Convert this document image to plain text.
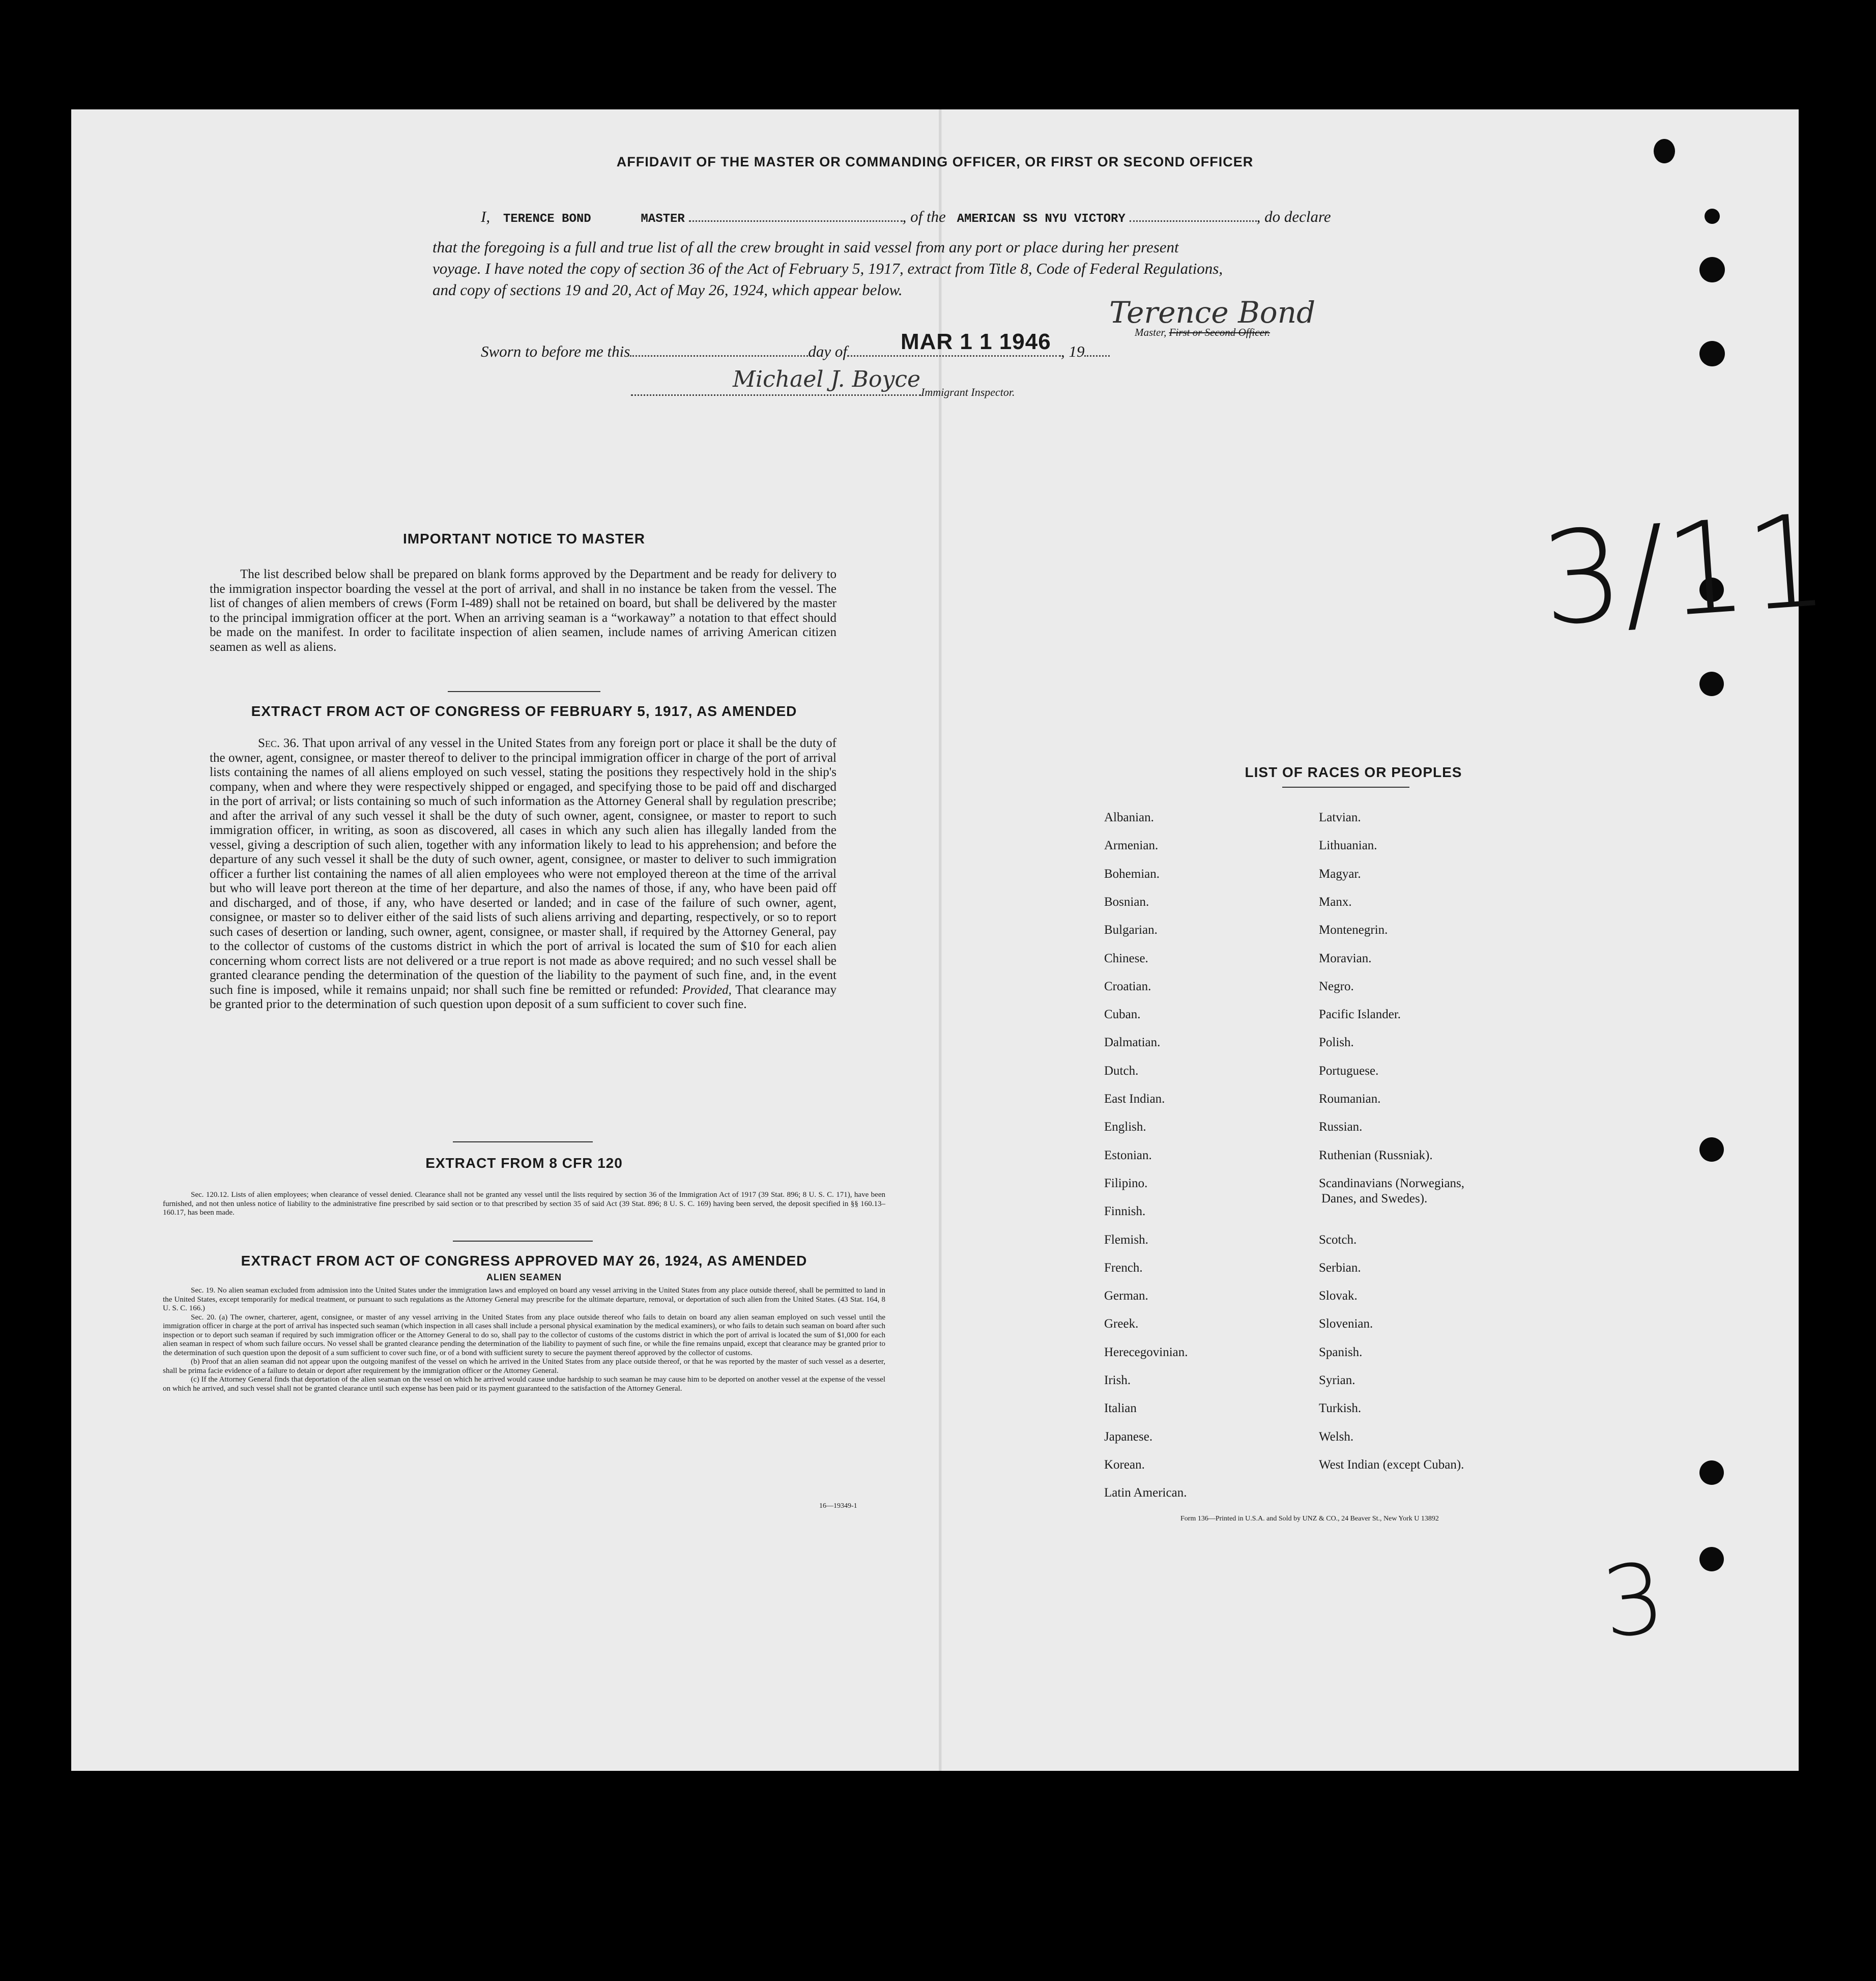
AFFIDAVIT OF THE MASTER OR COMMANDING OFFICER, OR FIRST OR SECOND OFFICER
I, TERENCE BOND	MASTER	, of the AMERICAN SS NYU VICTORY	, do declare
that the foregoing is a full and true list of all the crew brought in said vessel from any port or place during her present
voyage. I have noted the copy of section 36 of the Act of February 5, 1917, extract from Title 8, Code of Federal Regulations,
and copy of sections 19 and 20, Act of May 26, 1924, which appear below.
Terence Bond
Master, First or Second Officer.
Sworn to before me this	day of	, 19
MAR 1 1 1946
Immigrant Inspector.
Michael J. Boyce
IMPORTANT NOTICE TO MASTER
The list described below shall be prepared on blank forms approved by the Department and be ready for delivery to the immigration inspector boarding the vessel at the port of arrival, and shall in no instance be taken from the vessel. The list of changes of alien members of crews (Form I-489) shall not be retained on board, but shall be delivered by the master to the principal immigration officer at the port. When an arriving seaman is a “workaway” a notation to that effect should be made on the manifest. In order to facilitate inspection of alien seamen, include names of arriving American citizen seamen as well as aliens.
EXTRACT FROM ACT OF CONGRESS OF FEBRUARY 5, 1917, AS AMENDED
Sec. 36. That upon arrival of any vessel in the United States from any foreign port or place it shall be the duty of the owner, agent, consignee, or master thereof to deliver to the principal immigration officer in charge of the port of arrival lists containing the names of all aliens employed on such vessel, stating the positions they respectively hold in the ship's company, when and where they were respectively shipped or engaged, and specifying those to be paid off and discharged in the port of arrival; or lists containing so much of such information as the Attorney General shall by regulation prescribe; and after the arrival of any such vessel it shall be the duty of such owner, agent, consignee, or master to report to such immigration officer, in writing, as soon as discovered, all cases in which any such alien has illegally landed from the vessel, giving a description of such alien, together with any information likely to lead to his apprehension; and before the departure of any such vessel it shall be the duty of such owner, agent, consignee, or master to deliver to such immigration officer a further list containing the names of all alien employees who were not employed thereon at the time of the arrival but who will leave port thereon at the time of her departure, and also the names of those, if any, who have been paid off and discharged, and of those, if any, who have deserted or landed; and in case of the failure of such owner, agent, consignee, or master so to deliver either of the said lists of such aliens arriving and departing, respectively, or so to report such cases of desertion or landing, such owner, agent, consignee, or master shall, if required by the Attorney General, pay to the collector of customs of the customs district in which the port of arrival is located the sum of $10 for each alien concerning whom correct lists are not delivered or a true report is not made as above required; and no such vessel shall be granted clearance pending the determination of the question of the liability to the payment of such fine, and, in the event such fine is imposed, while it remains unpaid; nor shall such fine be remitted or refunded: Provided, That clearance may be granted prior to the determination of such question upon deposit of a sum sufficient to cover such fine.
EXTRACT FROM 8 CFR 120
Sec. 120.12. Lists of alien employees; when clearance of vessel denied. Clearance shall not be granted any vessel until the lists required by section 36 of the Immigration Act of 1917 (39 Stat. 896; 8 U. S. C. 171), have been furnished, and not then unless notice of liability to the administrative fine prescribed by said section or to that prescribed by section 35 of said Act (39 Stat. 896; 8 U. S. C. 169) having been served, the deposit specified in §§ 160.13–160.17, has been made.
EXTRACT FROM ACT OF CONGRESS APPROVED MAY 26, 1924, AS AMENDED
ALIEN SEAMEN
Sec. 19. No alien seaman excluded from admission into the United States under the immigration laws and employed on board any vessel arriving in the United States from any place outside thereof, shall be permitted to land in the United States, except temporarily for medical treatment, or pursuant to such regulations as the Attorney General may prescribe for the ultimate departure, removal, or deportation of such alien from the United States. (43 Stat. 164, 8 U. S. C. 166.)
Sec. 20. (a) The owner, charterer, agent, consignee, or master of any vessel arriving in the United States from any place outside thereof who fails to detain on board any alien seaman employed on such vessel until the immigration officer in charge at the port of arrival has inspected such seaman (which inspection in all cases shall include a personal physical examination by the medical examiners), or who fails to detain such seaman on board after such inspection or to deport such seaman if required by such immigration officer or the Attorney General to do so, shall pay to the collector of customs of the customs district in which the port of arrival is located the sum of $1,000 for each alien seaman in respect of whom such failure occurs. No vessel shall be granted clearance pending the determination of the liability to payment of such fine, or while the fine remains unpaid, except that clearance may be granted prior to the determination of such question upon the deposit of a sum sufficient to cover such fine, or of a bond with sufficient surety to secure the payment thereof approved by the collector of customs.
(b) Proof that an alien seaman did not appear upon the outgoing manifest of the vessel on which he arrived in the United States from any place outside thereof, or that he was reported by the master of such vessel as a deserter, shall be prima facie evidence of a failure to detain or deport after requirement by the immigration officer or the Attorney General.
(c) If the Attorney General finds that deportation of the alien seaman on the vessel on which he arrived would cause undue hardship to such seaman he may cause him to be deported on another vessel at the expense of the vessel on which he arrived, and such vessel shall not be granted clearance until such expense has been paid or its payment guaranteed to the satisfaction of the Attorney General.
16—19349-1
LIST OF RACES OR PEOPLES
Albanian.
Armenian.
Bohemian.
Bosnian.
Bulgarian.
Chinese.
Croatian.
Cuban.
Dalmatian.
Dutch.
East Indian.
English.
Estonian.
Filipino.
Finnish.
Flemish.
French.
German.
Greek.
Herecegovinian.
Irish.
Italian
Japanese.
Korean.
Latin American.
Latvian.
Lithuanian.
Magyar.
Manx.
Montenegrin.
Moravian.
Negro.
Pacific Islander.
Polish.
Portuguese.
Roumanian.
Russian.
Ruthenian (Russniak).
Scandinavians (Norwegians,
Scotch.
Serbian.
Slovak.
Slovenian.
Spanish.
Syrian.
Turkish.
Welsh.
West Indian (except Cuban).
Danes, and Swedes).
Form 136—Printed in U.S.A. and Sold by UNZ & CO., 24 Beaver St., New York U 13892
3/11
3
